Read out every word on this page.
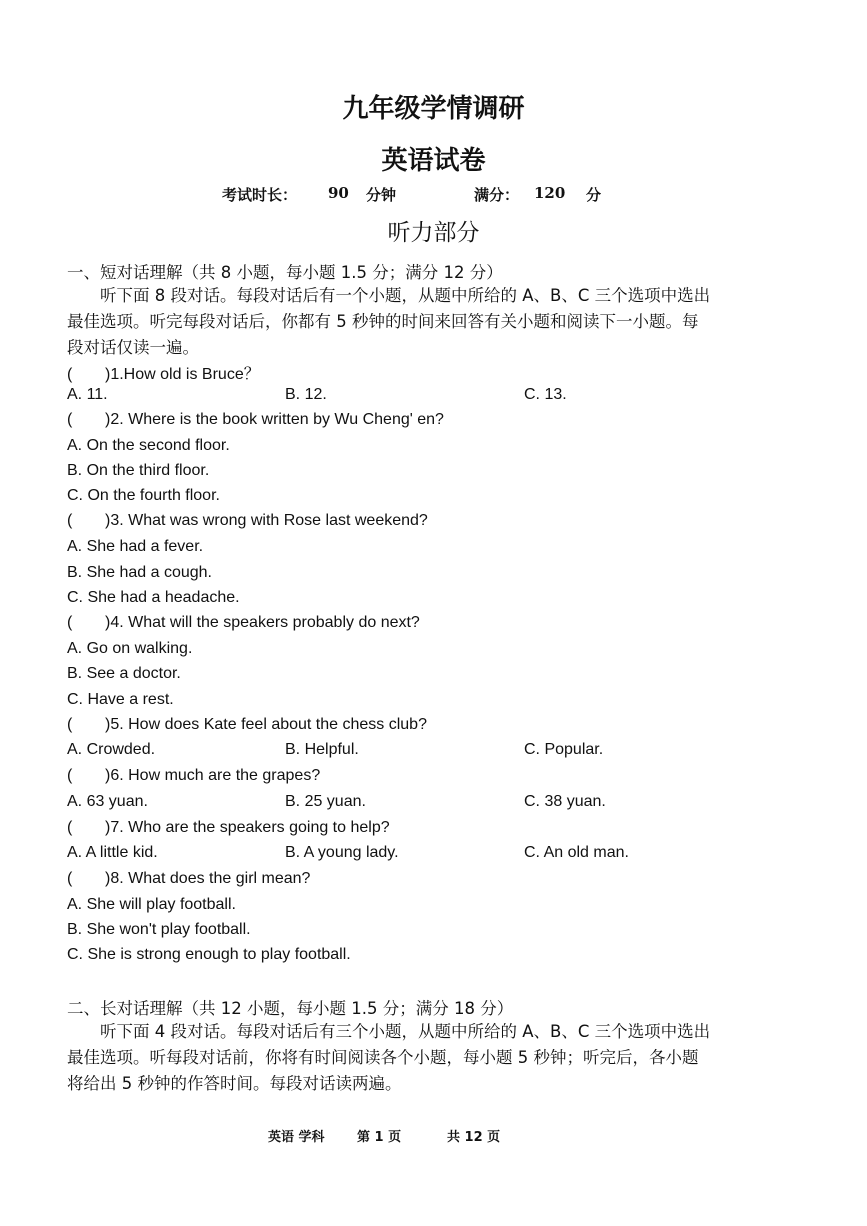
九年级学情调研
英语试卷
考试时长： 90 分钟	满分： 120 分
听力部分
一、短对话理解（共 8 小题，每小题 1.5 分；满分 12 分）
听下面 8 段对话。每段对话后有一个小题，从题中所给的 A、B、C 三个选项中选出
最佳选项。听完每段对话后，你都有 5 秒钟的时间来回答有关小题和阅读下一小题。每
段对话仅读一遍。
( )1.How old is Bruce？
A. 11.	B. 12.	C. 13.
( )2. Where is the book written by Wu Cheng' en?
A. On the second floor.
B. On the third floor.
C. On the fourth floor.
( )3. What was wrong with Rose last weekend?
A. She had a fever.
B. She had a cough.
C. She had a headache.
( )4. What will the speakers probably do next?
A. Go on walking.
B. See a doctor.
C. Have a rest.
( )5. How does Kate feel about the chess club?
A. Crowded.	B. Helpful.	C. Popular.
( )6. How much are the grapes?
A. 63 yuan.	B. 25 yuan.	C. 38 yuan.
( )7. Who are the speakers going to help?
A. A little kid.	B. A young lady.	C. An old man.
( )8. What does the girl mean?
A. She will play football.
B. She won't play football.
C. She is strong enough to play football.
二、长对话理解（共 12 小题，每小题 1.5 分；满分 18 分）
听下面 4 段对话。每段对话后有三个小题，从题中所给的 A、B、C 三个选项中选出
最佳选项。听每段对话前，你将有时间阅读各个小题，每小题 5 秒钟；听完后，各小题
将给出 5 秒钟的作答时间。每段对话读两遍。
英语 学科 第 1 页	共 12 页
